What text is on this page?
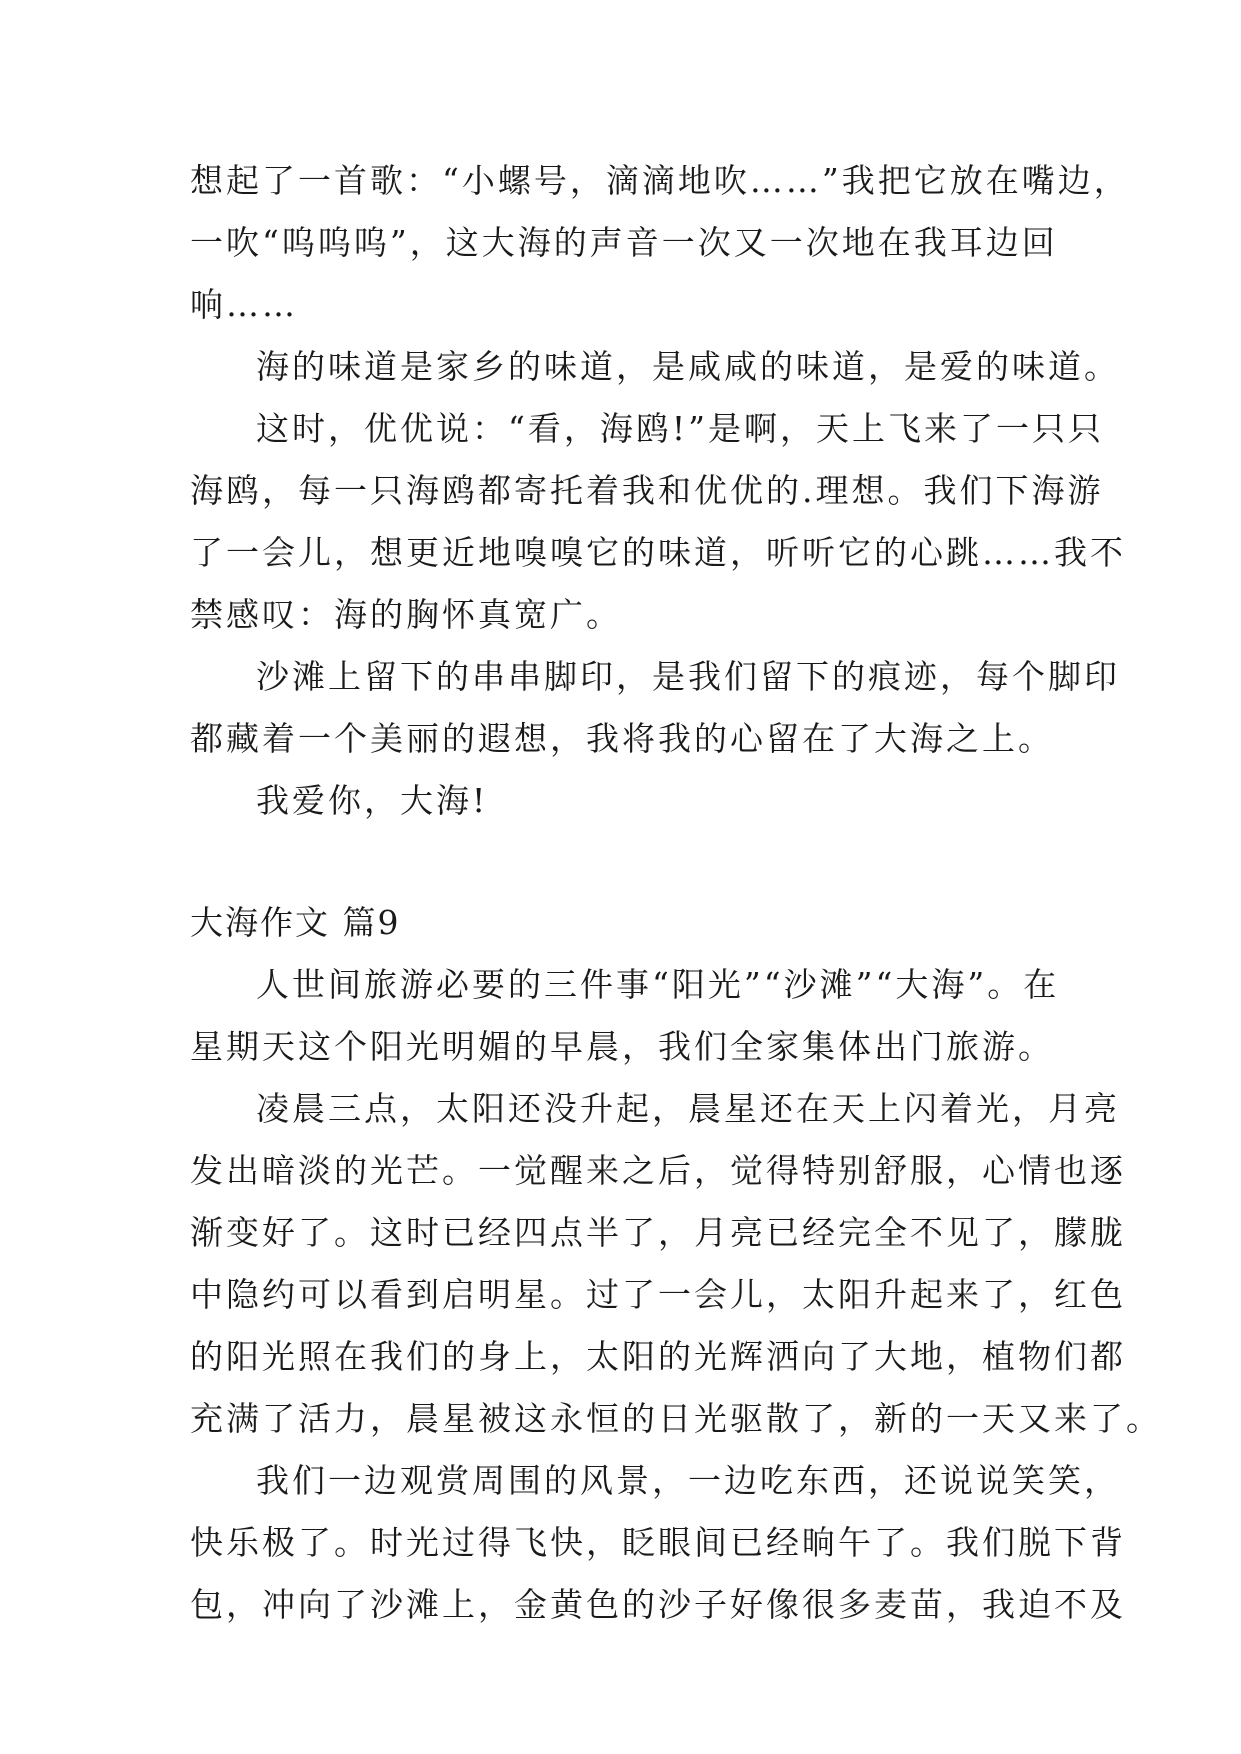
想起了一首歌：“小螺号，滴滴地吹……”我把它放在嘴边，
一吹“呜呜呜”，这大海的声音一次又一次地在我耳边回
响……
海的味道是家乡的味道，是咸咸的味道，是爱的味道。
这时，优优说：“看，海鸥!”是啊，天上飞来了一只只
海鸥，每一只海鸥都寄托着我和优优的.理想。我们下海游
了一会儿，想更近地嗅嗅它的味道，听听它的心跳……我不
禁感叹：海的胸怀真宽广。
沙滩上留下的串串脚印，是我们留下的痕迹，每个脚印
都藏着一个美丽的遐想，我将我的心留在了大海之上。
我爱你，大海!
大海作文 篇9
人世间旅游必要的三件事“阳光”“沙滩”“大海”。在
星期天这个阳光明媚的早晨，我们全家集体出门旅游。
凌晨三点，太阳还没升起，晨星还在天上闪着光，月亮
发出暗淡的光芒。一觉醒来之后，觉得特别舒服，心情也逐
渐变好了。这时已经四点半了，月亮已经完全不见了，朦胧
中隐约可以看到启明星。过了一会儿，太阳升起来了，红色
的阳光照在我们的身上，太阳的光辉洒向了大地，植物们都
充满了活力，晨星被这永恒的日光驱散了，新的一天又来了。
我们一边观赏周围的风景，一边吃东西，还说说笑笑，
快乐极了。时光过得飞快，眨眼间已经晌午了。我们脱下背
包，冲向了沙滩上，金黄色的沙子好像很多麦苗，我迫不及
